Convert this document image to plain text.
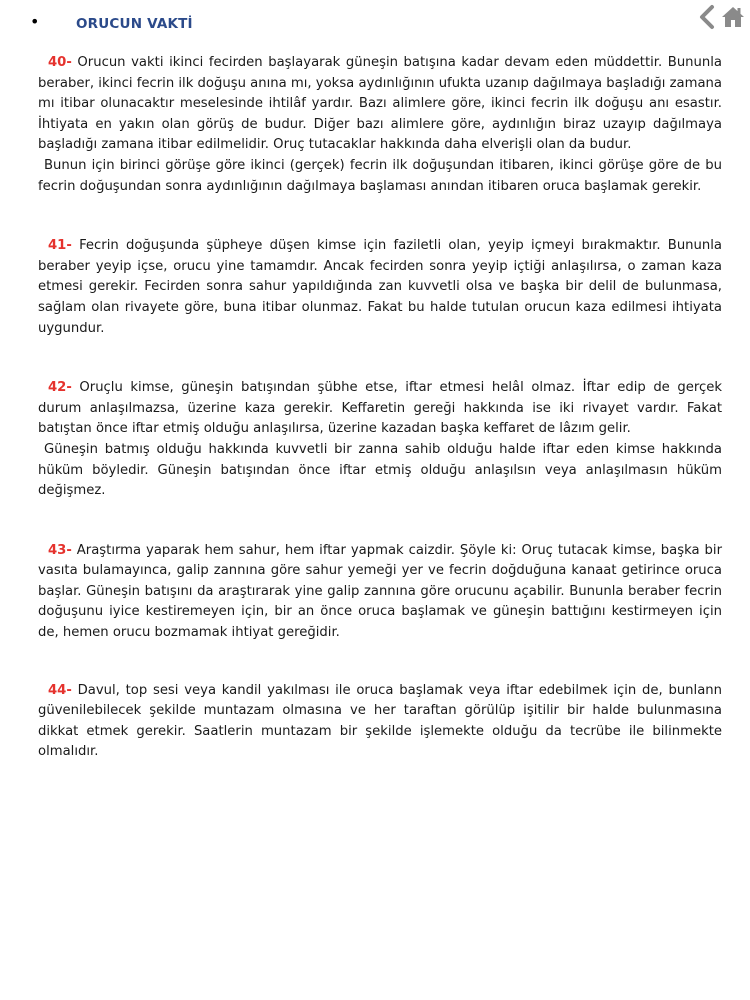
•	ORUCUN VAKTİ

40- Orucun vakti ikinci fecirden başlayarak güneşin batışına kadar devam eden müddettir. Bununla beraber, ikinci fecrin ilk doğuşu anına mı, yoksa aydınlığının ufukta uzanıp dağılmaya başladığı zamana mı itibar olunacaktır meselesinde ihtilâf yardır. Bazı alimlere göre, ikinci fecrin ilk doğuşu anı esastır. İhtiyata en yakın olan görüş de budur. Diğer bazı alimlere göre, aydınlığın biraz uzayıp dağılmaya başladığı zamana itibar edilmelidir. Oruç tutacaklar hakkında daha elverişli olan da budur.

Bunun için birinci görüşe göre ikinci (gerçek) fecrin ilk doğuşundan itibaren, ikinci görüşe göre de bu fecrin doğuşundan sonra aydınlığının dağılmaya başlaması anından itibaren oruca başlamak gerekir.

41- Fecrin doğuşunda şüpheye düşen kimse için faziletli olan, yeyip içmeyi bırakmaktır. Bununla beraber yeyip içse, orucu yine tamamdır. Ancak fecirden sonra yeyip içtiği anlaşılırsa, o zaman kaza etmesi gerekir. Fecirden sonra sahur yapıldığında zan kuvvetli olsa ve başka bir delil de bulunmasa, sağlam olan rivayete göre, buna itibar olunmaz. Fakat bu halde tutulan orucun kaza edilmesi ihtiyata uygundur.

42- Oruçlu kimse, güneşin batışından şübhe etse, iftar etmesi helâl olmaz. İftar edip de gerçek durum anlaşılmazsa, üzerine kaza gerekir. Keffaretin gereği hakkında ise iki rivayet vardır. Fakat batıştan önce iftar etmiş olduğu anlaşılırsa, üzerine kazadan başka keffaret de lâzım gelir.

Güneşin batmış olduğu hakkında kuvvetli bir zanna sahib olduğu halde iftar eden kimse hakkında hüküm böyledir. Güneşin batışından önce iftar etmiş olduğu anlaşılsın veya anlaşılmasın hüküm değişmez.

43- Araştırma yaparak hem sahur, hem iftar yapmak caizdir. Şöyle ki: Oruç tutacak kimse, başka bir vasıta bulamayınca, galip zannına göre sahur yemeği yer ve fecrin doğduğuna kanaat getirince oruca başlar. Güneşin batışını da araştırarak yine galip zannına göre orucunu açabilir. Bununla beraber fecrin doğuşunu iyice kestiremeyen için, bir an önce oruca başlamak ve güneşin battığını kestirmeyen için de, hemen orucu bozmamak ihtiyat gereğidir.

44- Davul, top sesi veya kandil yakılması ile oruca başlamak veya iftar edebilmek için de, bunlann güvenilebilecek şekilde muntazam olmasına ve her taraftan görülüp işitilir bir halde bulunmasına dikkat etmek gerekir. Saatlerin muntazam bir şekilde işlemekte olduğu da tecrübe ile bilinmekte olmalıdır.
